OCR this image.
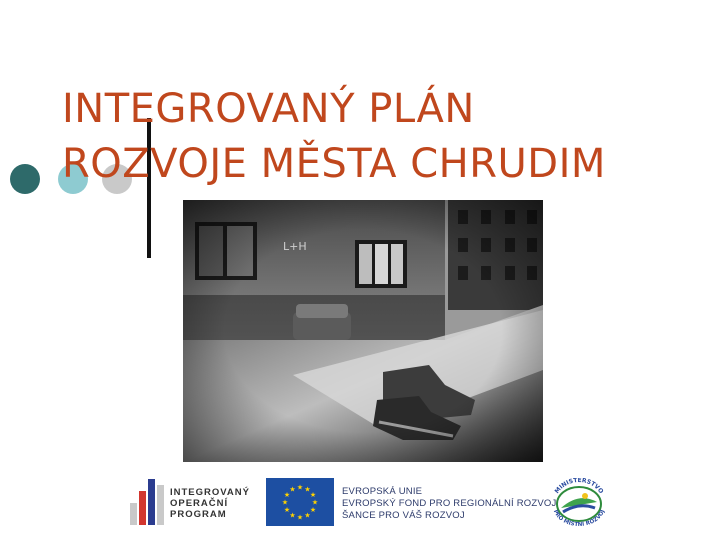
INTEGROVANÝ PLÁN
ROZVOJE MĚSTA CHRUDIM
INTEGROVANÝ
OPERAČNÍ
PROGRAM
★ ★
★
★
★
★
★
★
★
★
★
★	EVROPSKÁ UNIE
EVROPSKÝ FOND PRO REGIONÁLNÍ ROZVOJ
ŠANCE PRO VÁŠ ROZVOJ
MINISTERSTVO
PRO MÍSTNÍ ROZVOJ
